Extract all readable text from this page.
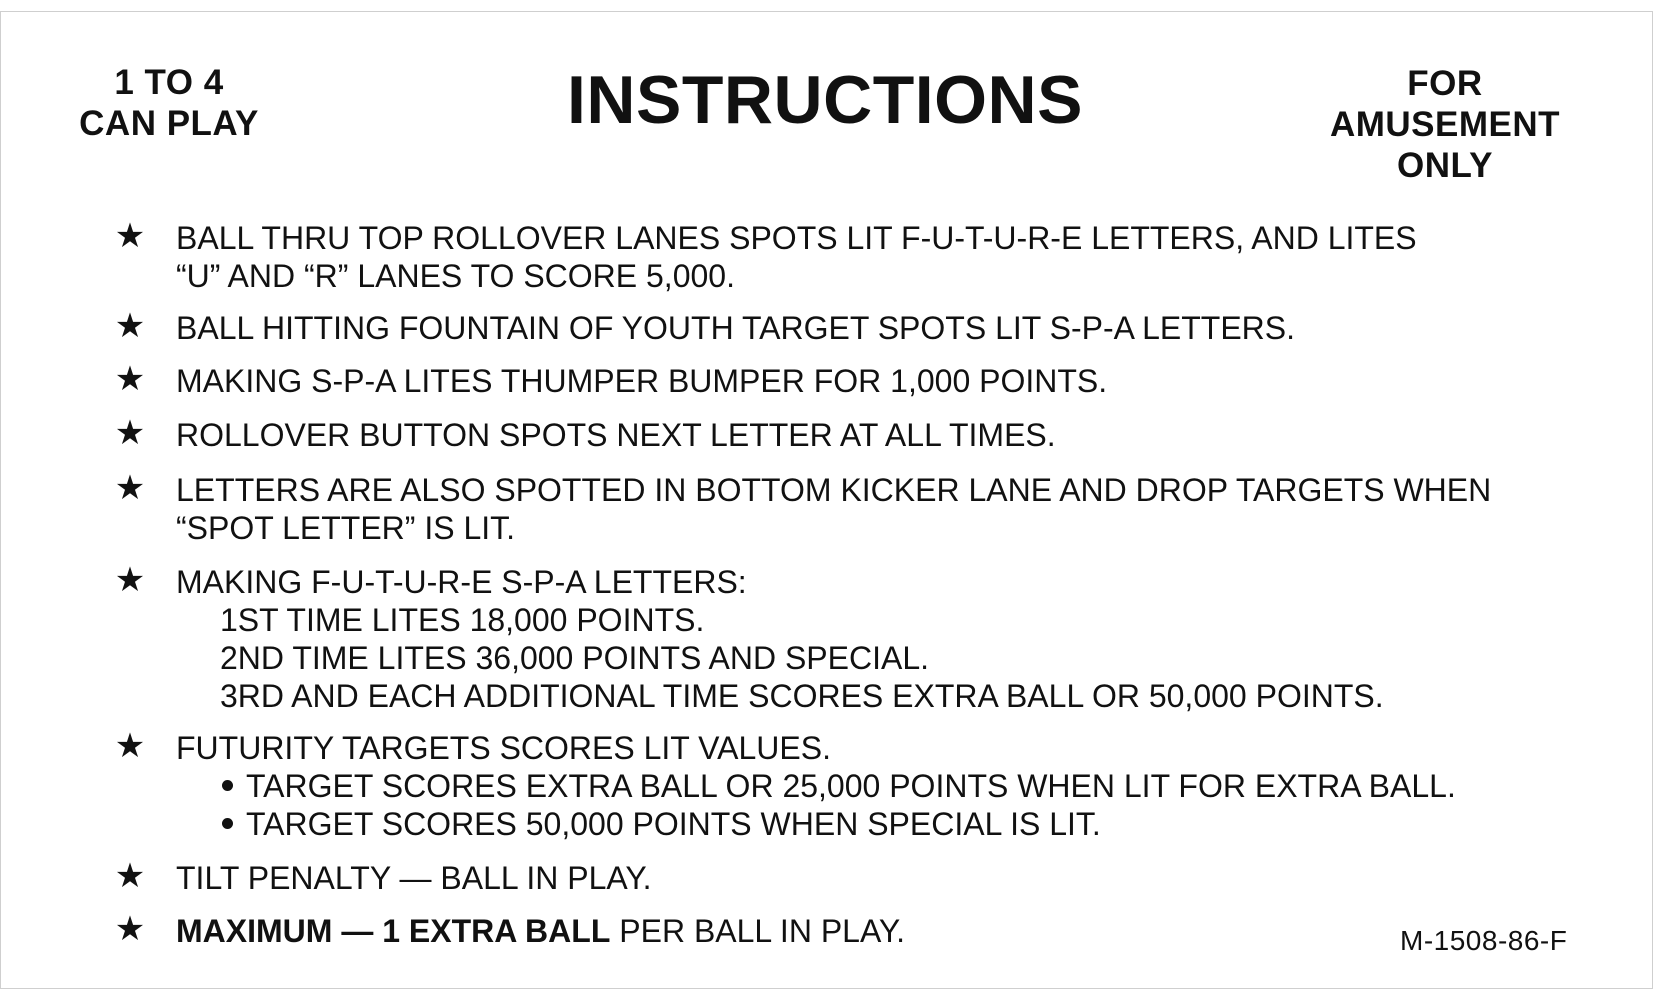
1 TO 4
CAN PLAY	INSTRUCTIONS	FOR
AMUSEMENT
ONLY
★ BALL THRU TOP ROLLOVER LANES SPOTS LIT F-U-T-U-R-E LETTERS, AND LITES
“U” AND “R” LANES TO SCORE 5,000.
★ BALL HITTING FOUNTAIN OF YOUTH TARGET SPOTS LIT S-P-A LETTERS.
★ MAKING S-P-A LITES THUMPER BUMPER FOR 1,000 POINTS.
★ ROLLOVER BUTTON SPOTS NEXT LETTER AT ALL TIMES.
★ LETTERS ARE ALSO SPOTTED IN BOTTOM KICKER LANE AND DROP TARGETS WHEN
“SPOT LETTER” IS LIT.
★ MAKING F-U-T-U-R-E S-P-A LETTERS:
1ST TIME LITES 18,000 POINTS.
2ND TIME LITES 36,000 POINTS AND SPECIAL.
3RD AND EACH ADDITIONAL TIME SCORES EXTRA BALL OR 50,000 POINTS.
★ FUTURITY TARGETS SCORES LIT VALUES.
TARGET SCORES EXTRA BALL OR 25,000 POINTS WHEN LIT FOR EXTRA BALL.
TARGET SCORES 50,000 POINTS WHEN SPECIAL IS LIT.
★ TILT PENALTY — BALL IN PLAY.
★ MAXIMUM — 1 EXTRA BALL PER BALL IN PLAY.	M-1508-86-F
